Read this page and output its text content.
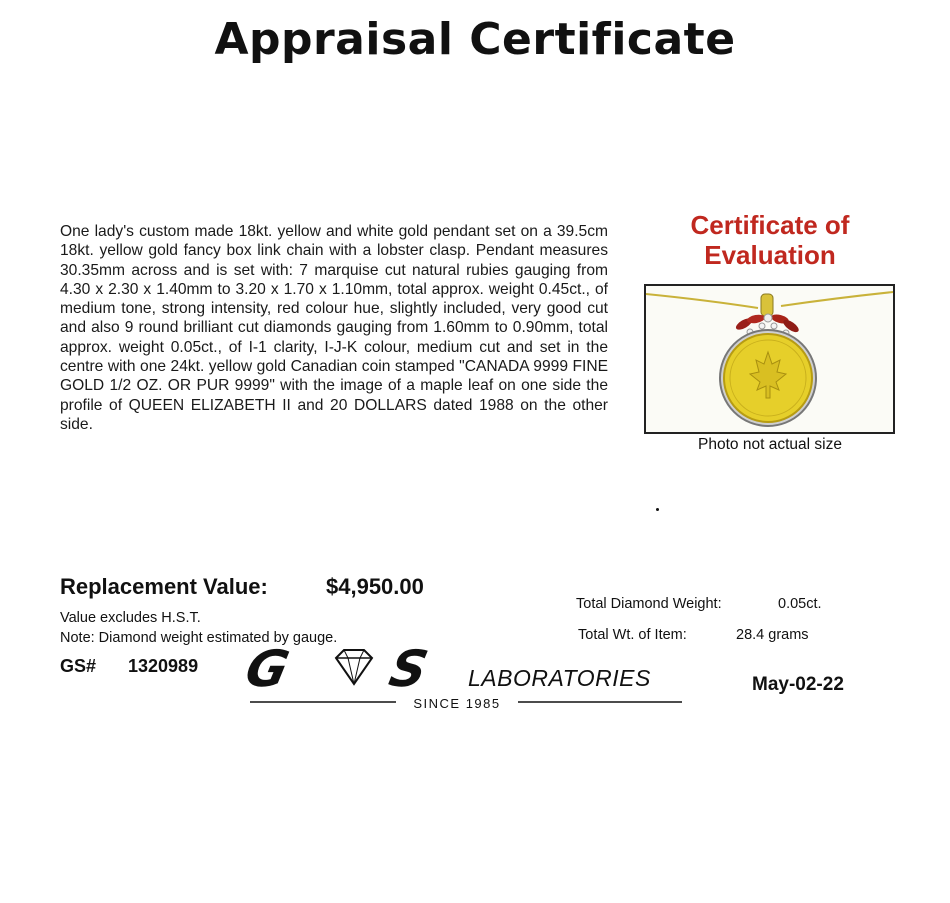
Appraisal Certificate
One lady's custom made 18kt. yellow and white gold pendant set on a 39.5cm 18kt. yellow gold fancy box link chain with a lobster clasp. Pendant measures 30.35mm across and is set with: 7 marquise cut natural rubies gauging from 4.30 x 2.30 x 1.40mm to 3.20 x 1.70 x 1.10mm, total approx. weight 0.45ct., of medium tone, strong intensity, red colour hue, slightly included, very good cut and also 9 round brilliant cut diamonds gauging from 1.60mm to 0.90mm, total approx. weight 0.05ct., of I-1 clarity, I-J-K colour, medium cut and set in the centre with one 24kt. yellow gold Canadian coin stamped "CANADA 9999 FINE GOLD 1/2 OZ. OR PUR 9999" with the image of a maple leaf on one side the profile of QUEEN ELIZABETH II and 20 DOLLARS dated 1988 on the other side.
Certificate of
Evaluation
Photo not actual size
Replacement Value:	$4,950.00
Value excludes H.S.T.
Note: Diamond weight estimated by gauge.
Total Diamond Weight:	0.05ct.
Total Wt. of Item:	28.4 grams
GS# 1320989 G S LABORATORIES
SINCE 1985
May-02-22
